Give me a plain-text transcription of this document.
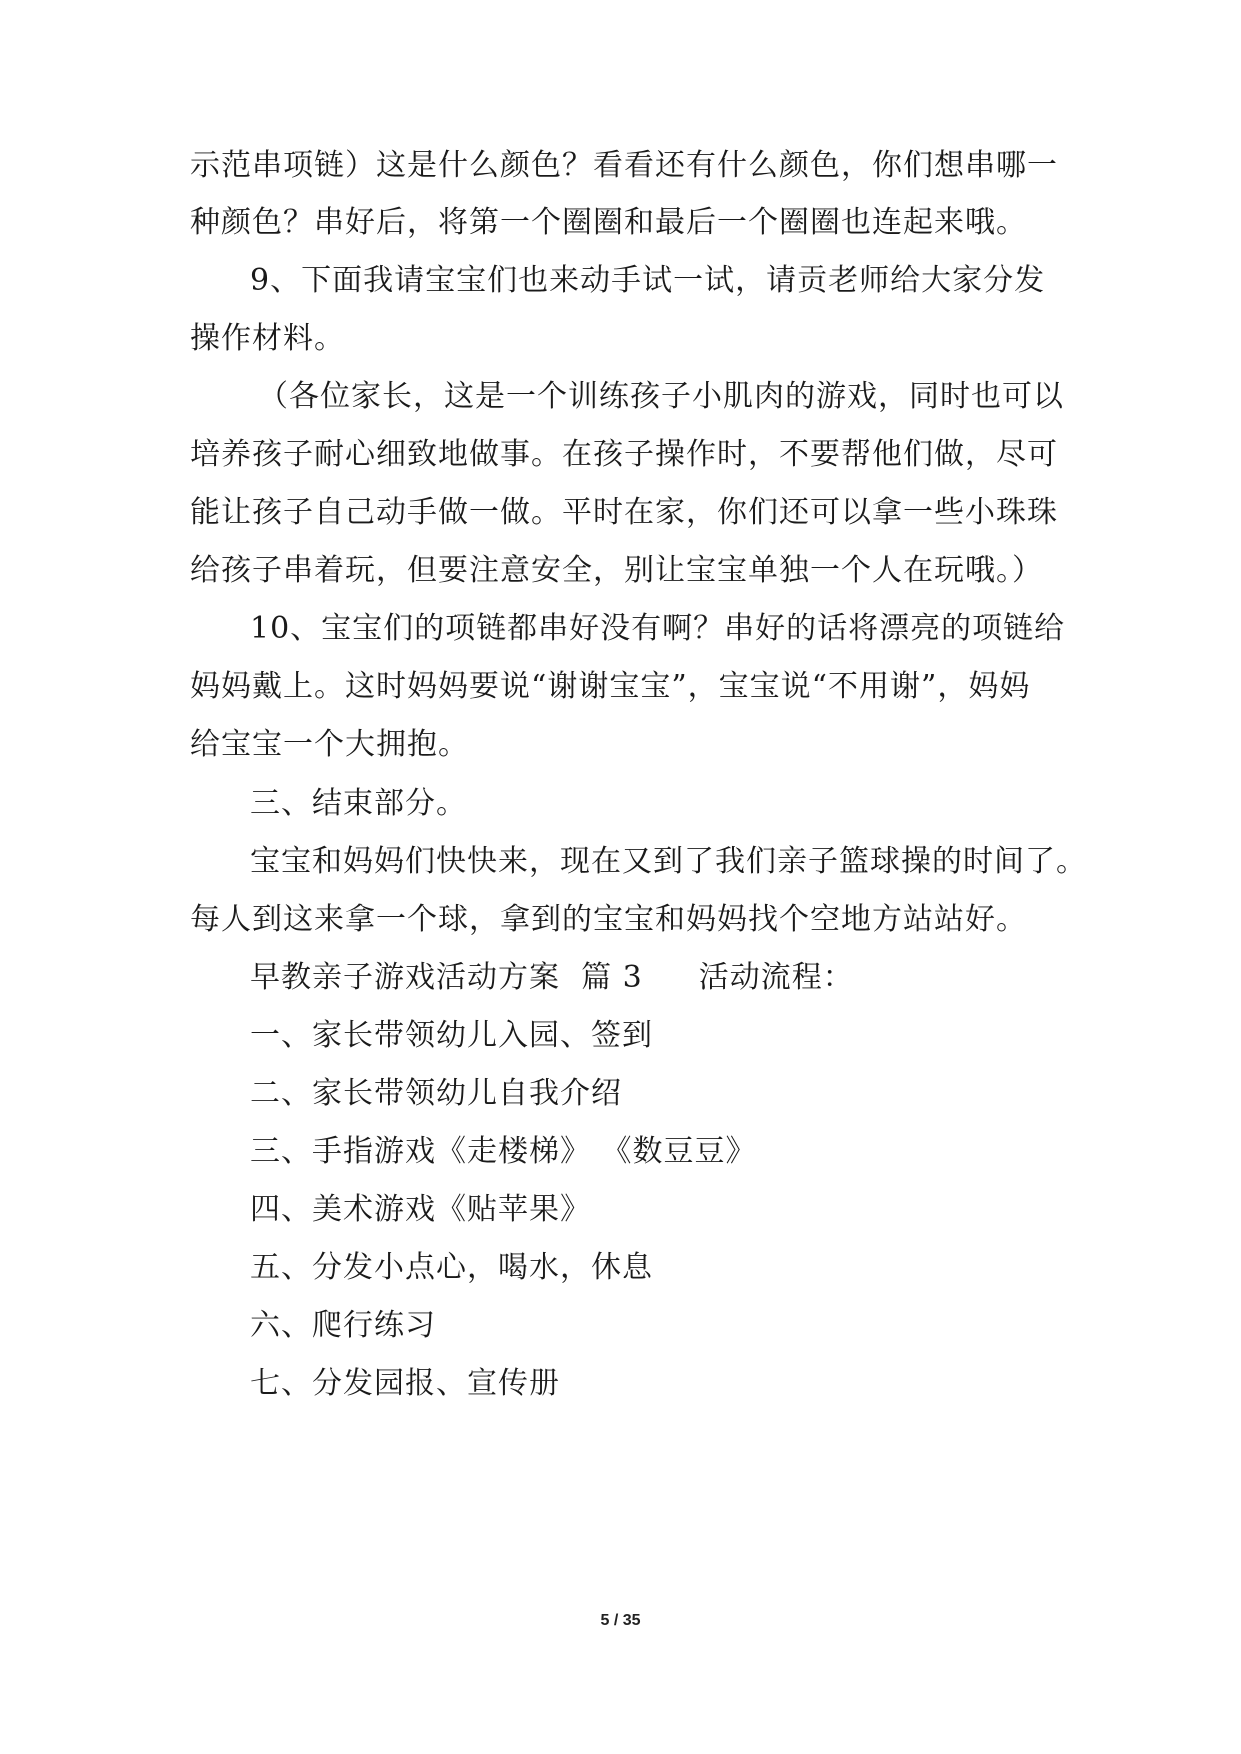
示范串项链）这是什么颜色？看看还有什么颜色，你们想串哪一
种颜色？串好后，将第一个圈圈和最后一个圈圈也连起来哦。
9、下面我请宝宝们也来动手试一试，请贡老师给大家分发
操作材料。
（各位家长，这是一个训练孩子小肌肉的游戏，同时也可以
培养孩子耐心细致地做事。在孩子操作时，不要帮他们做，尽可
能让孩子自己动手做一做。平时在家，你们还可以拿一些小珠珠
给孩子串着玩，但要注意安全，别让宝宝单独一个人在玩哦。）
10、宝宝们的项链都串好没有啊？串好的话将漂亮的项链给
妈妈戴上。这时妈妈要说“谢谢宝宝”，宝宝说“不用谢”，妈妈
给宝宝一个大拥抱。
三、结束部分。
宝宝和妈妈们快快来，现在又到了我们亲子篮球操的时间了。
每人到这来拿一个球，拿到的宝宝和妈妈找个空地方站站好。
早教亲子游戏活动方案  篇 3 活动流程：
一、家长带领幼儿入园、签到
二、家长带领幼儿自我介绍
三、手指游戏《走楼梯》 《数豆豆》
四、美术游戏《贴苹果》
五、分发小点心，喝水，休息
六、爬行练习
七、分发园报、宣传册
5 / 35
